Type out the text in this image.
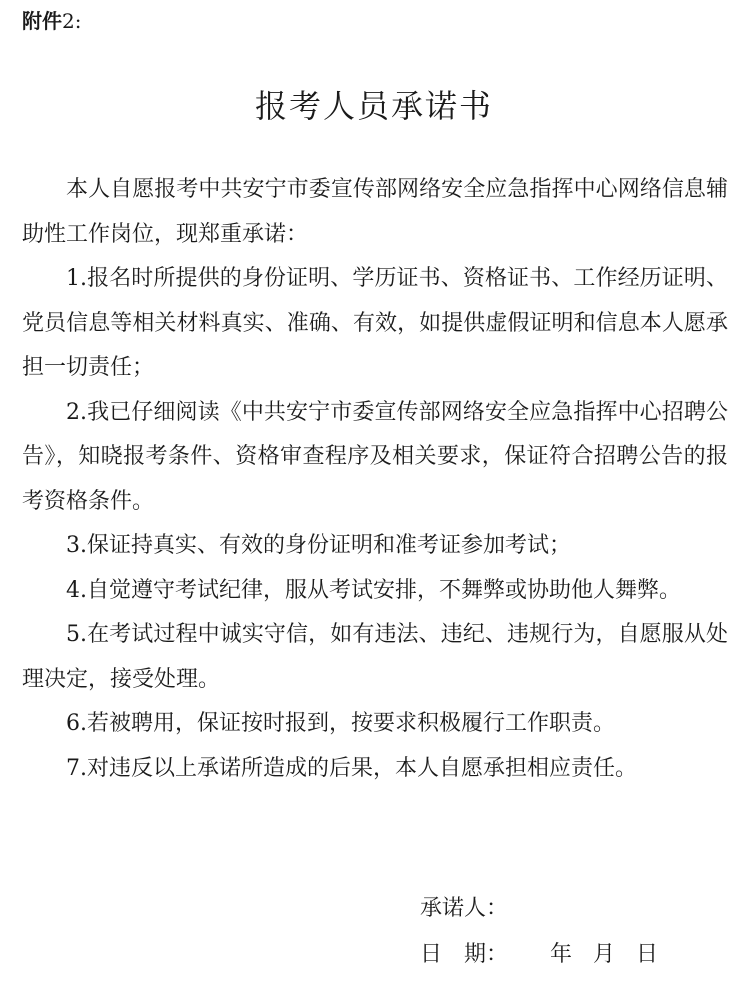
附件2:
报考人员承诺书

本人自愿报考中共安宁市委宣传部网络安全应急指挥中心网络信息辅助性工作岗位，现郑重承诺：

1.报名时所提供的身份证明、学历证书、资格证书、工作经历证明、党员信息等相关材料真实、准确、有效，如提供虚假证明和信息本人愿承担一切责任；

2.我已仔细阅读《中共安宁市委宣传部网络安全应急指挥中心招聘公告》，知晓报考条件、资格审查程序及相关要求，保证符合招聘公告的报考资格条件。

3.保证持真实、有效的身份证明和准考证参加考试；

4.自觉遵守考试纪律，服从考试安排，不舞弊或协助他人舞弊。

5.在考试过程中诚实守信，如有违法、违纪、违规行为，自愿服从处理决定，接受处理。

6.若被聘用，保证按时报到，按要求积极履行工作职责。

7.对违反以上承诺所造成的后果，本人自愿承担相应责任。

承诺人：
日　期： 年 月 日
